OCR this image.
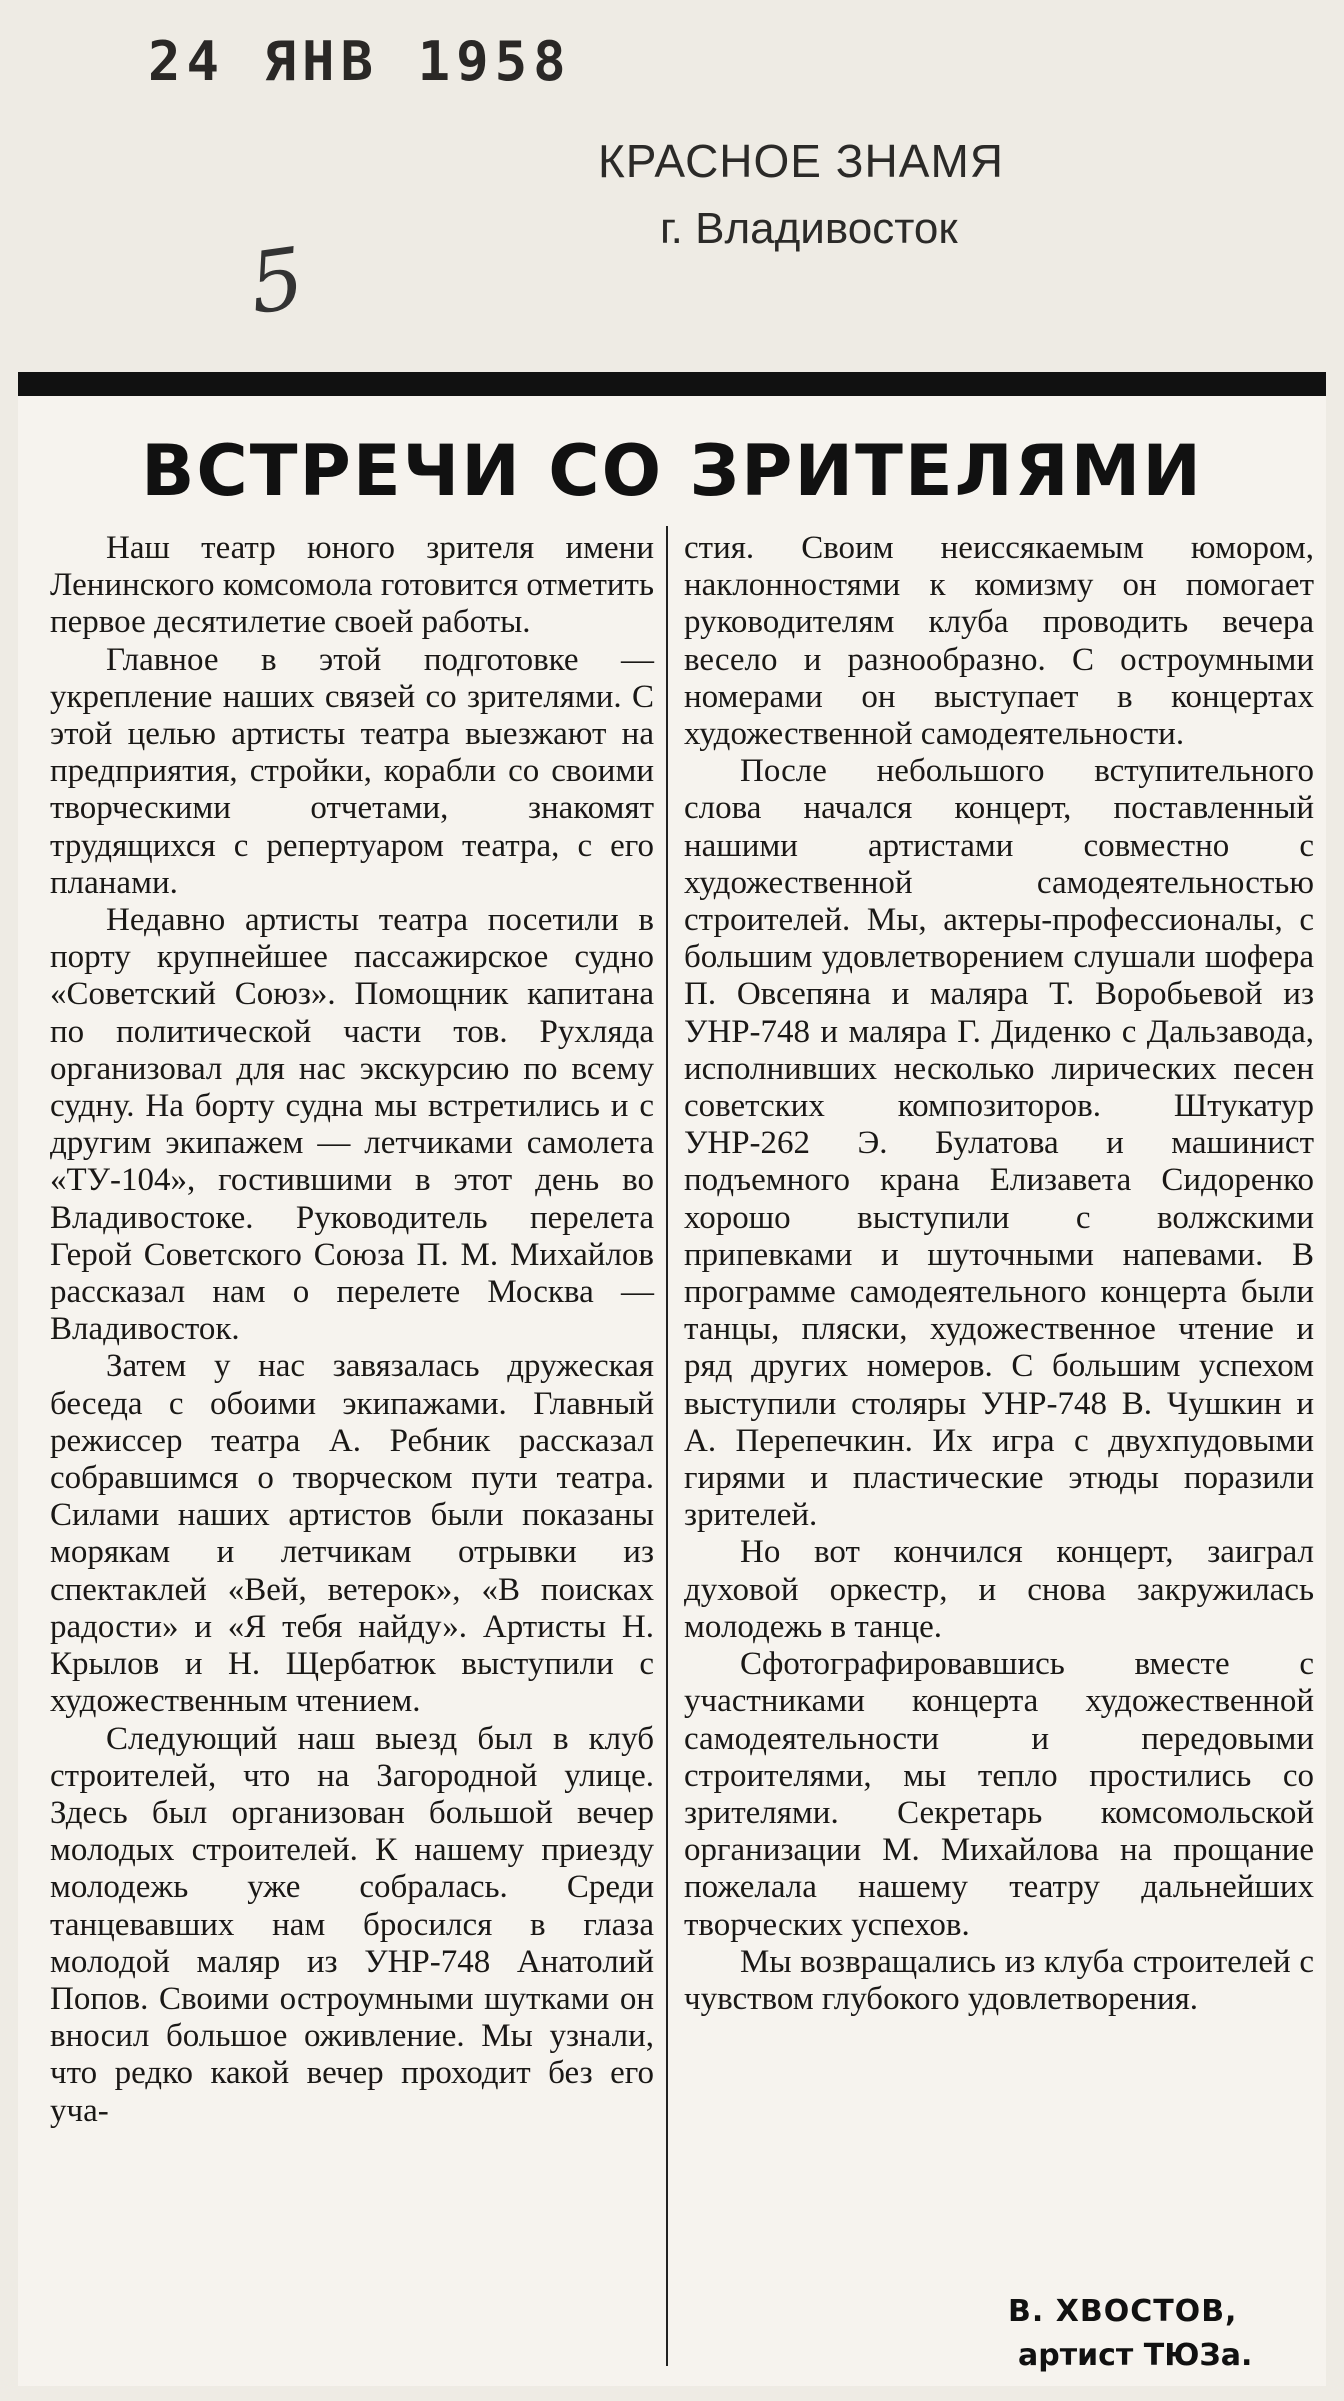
24 ЯНВ 1958
КРАСНОЕ ЗНАМЯ
г. Владивосток
5
ВСТРЕЧИ СО ЗРИТЕЛЯМИ

Наш театр юного зрителя имени Ленинского комсомола готовится отметить первое десятилетие своей работы.

Главное в этой подготовке — укрепление наших связей со зрителями. С этой целью артисты театра выезжают на предприятия, стройки, корабли со своими творческими отчетами, знакомят трудящихся с репертуаром театра, с его планами.

Недавно артисты театра посетили в порту крупнейшее пассажирское судно «Советский Союз». Помощник капитана по политической части тов. Рухляда организовал для нас экскурсию по всему судну. На борту судна мы встретились и с другим экипажем — летчиками самолета «ТУ-104», гостившими в этот день во Владивостоке. Руководитель перелета Герой Советского Союза П. М. Михайлов рассказал нам о перелете Москва — Владивосток.

Затем у нас завязалась дружеская беседа с обоими экипажами. Главный режиссер театра А. Ребник рассказал собравшимся о творческом пути театра. Силами наших артистов были показаны морякам и летчикам отрывки из спектаклей «Вей, ветерок», «В поисках радости» и «Я тебя найду». Артисты Н. Крылов и Н. Щербатюк выступили с художественным чтением.

Следующий наш выезд был в клуб строителей, что на Загородной улице. Здесь был организован большой вечер молодых строителей. К нашему приезду молодежь уже собралась. Среди танцевавших нам бросился в глаза молодой маляр из УНР-748 Анатолий Попов. Своими остроумными шутками он вносил большое оживление. Мы узнали, что редко какой вечер проходит без его уча-

стия. Своим неиссякаемым юмором, наклонностями к комизму он помогает руководителям клуба проводить вечера весело и разнообразно. С остроумными номерами он выступает в концертах художественной самодеятельности.

После небольшого вступительного слова начался концерт, поставленный нашими артистами совместно с художественной самодеятельностью строителей. Мы, актеры-профессионалы, с большим удовлетворением слушали шофера П. Овсепяна и маляра Т. Воробьевой из УНР-748 и маляра Г. Диденко с Дальзавода, исполнивших несколько лирических песен советских композиторов. Штукатур УНР-262 Э. Булатова и машинист подъемного крана Елизавета Сидоренко хорошо выступили с волжскими припевками и шуточными напевами. В программе самодеятельного концерта были танцы, пляски, художественное чтение и ряд других номеров. С большим успехом выступили столяры УНР-748 В. Чушкин и А. Перепечкин. Их игра с двухпудовыми гирями и пластические этюды поразили зрителей.

Но вот кончился концерт, заиграл духовой оркестр, и снова закружилась молодежь в танце.

Сфотографировавшись вместе с участниками концерта художественной самодеятельности и передовыми строителями, мы тепло простились со зрителями. Секретарь комсомольской организации М. Михайлова на прощание пожелала нашему театру дальнейших творческих успехов.

Мы возвращались из клуба строителей с чувством глубокого удовлетворения.

В. ХВОСТОВ,
артист ТЮЗа.
